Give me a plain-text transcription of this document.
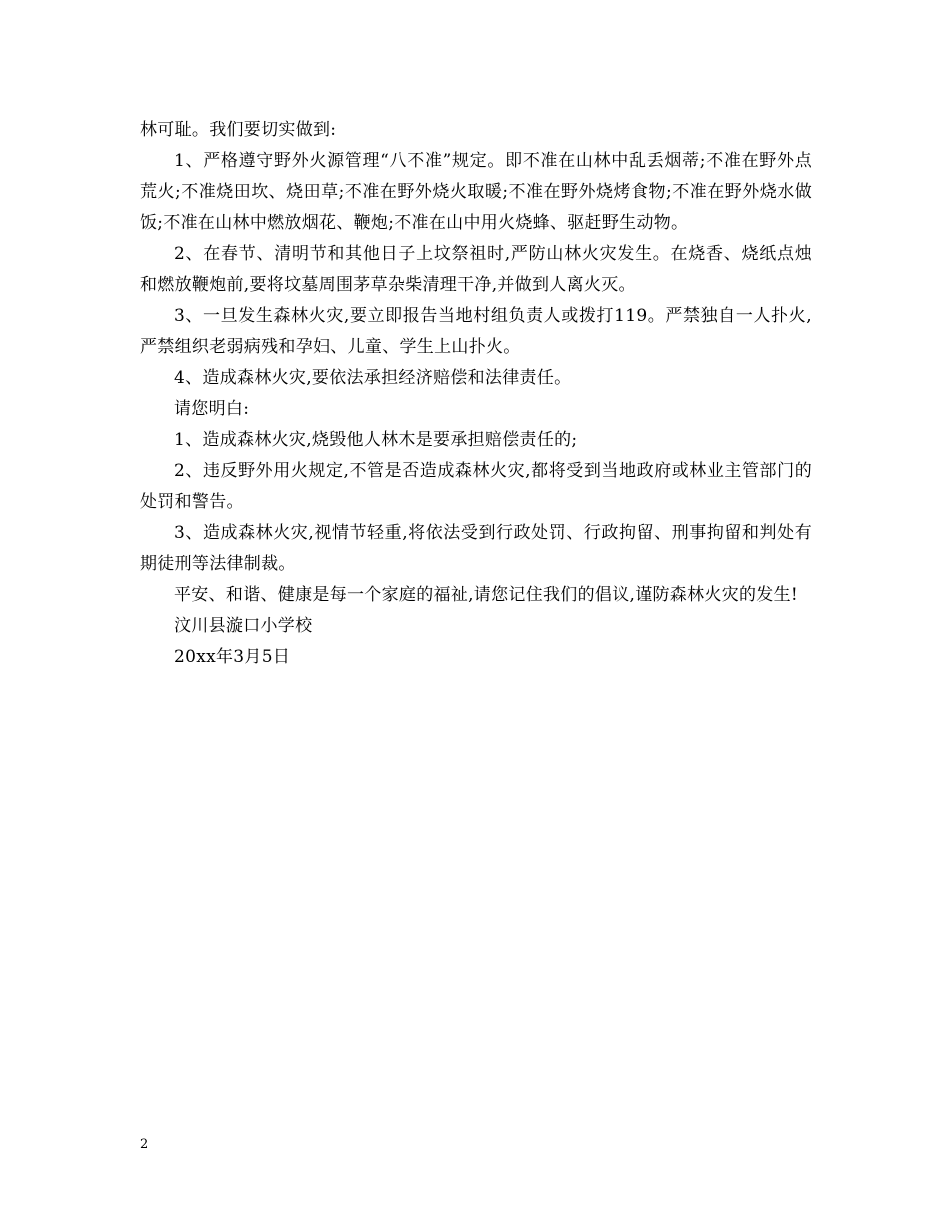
林可耻。我们要切实做到:

1、严格遵守野外火源管理“八不准”规定。即不准在山林中乱丢烟蒂;不准在野外点荒火;不准烧田坎、烧田草;不准在野外烧火取暖;不准在野外烧烤食物;不准在野外烧水做饭;不准在山林中燃放烟花、鞭炮;不准在山中用火烧蜂、驱赶野生动物。

2、在春节、清明节和其他日子上坟祭祖时,严防山林火灾发生。在烧香、烧纸点烛和燃放鞭炮前,要将坟墓周围茅草杂柴清理干净,并做到人离火灭。

3、一旦发生森林火灾,要立即报告当地村组负责人或拨打119。严禁独自一人扑火,严禁组织老弱病残和孕妇、儿童、学生上山扑火。

4、造成森林火灾,要依法承担经济赔偿和法律责任。

请您明白:

1、造成森林火灾,烧毁他人林木是要承担赔偿责任的;

2、违反野外用火规定,不管是否造成森林火灾,都将受到当地政府或林业主管部门的处罚和警告。

3、造成森林火灾,视情节轻重,将依法受到行政处罚、行政拘留、刑事拘留和判处有期徒刑等法律制裁。

平安、和谐、健康是每一个家庭的福祉,请您记住我们的倡议,谨防森林火灾的发生!

汶川县漩口小学校

20xx年3月5日

2
